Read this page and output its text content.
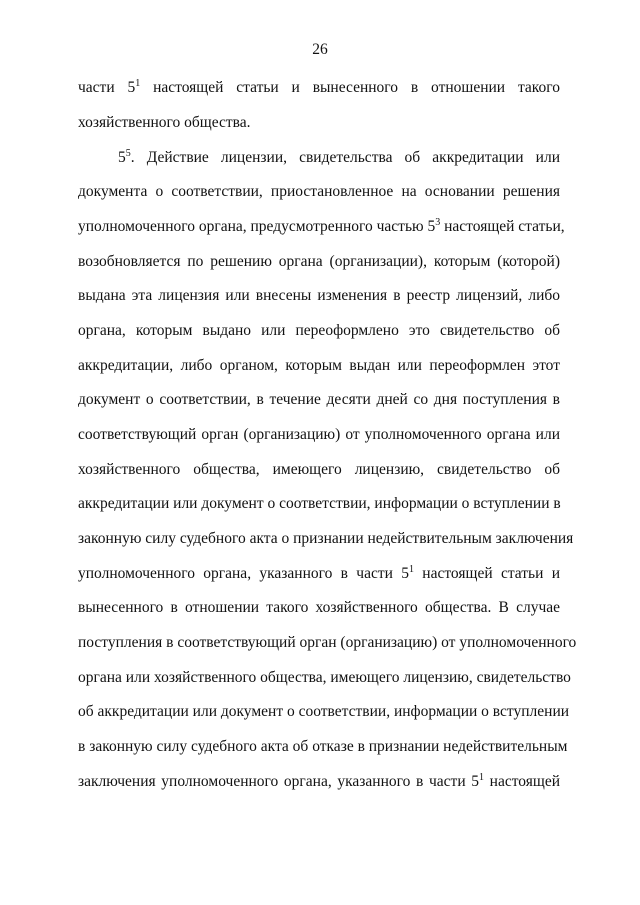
26
части $5^1$ настоящей статьи и вынесенного в отношении такого
хозяйственного общества.
$5^5$. Действие лицензии, свидетельства об аккредитации или
документа о соответствии, приостановленное на основании решения
уполномоченного органа, предусмотренного частью $5^3$ настоящей статьи,
возобновляется по решению органа (организации), которым (которой)
выдана эта лицензия или внесены изменения в реестр лицензий, либо
органа, которым выдано или переоформлено это свидетельство об
аккредитации, либо органом, которым выдан или переоформлен этот
документ о соответствии, в течение десяти дней со дня поступления в
соответствующий орган (организацию) от уполномоченного органа или
хозяйственного общества, имеющего лицензию, свидетельство об
аккредитации или документ о соответствии, информации о вступлении в
законную силу судебного акта о признании недействительным заключения
уполномоченного органа, указанного в части $5^1$ настоящей статьи и
вынесенного в отношении такого хозяйственного общества. В случае
поступления в соответствующий орган (организацию) от уполномоченного
органа или хозяйственного общества, имеющего лицензию, свидетельство
об аккредитации или документ о соответствии, информации о вступлении
в законную силу судебного акта об отказе в признании недействительным
заключения уполномоченного органа, указанного в части $5^1$ настоящей
